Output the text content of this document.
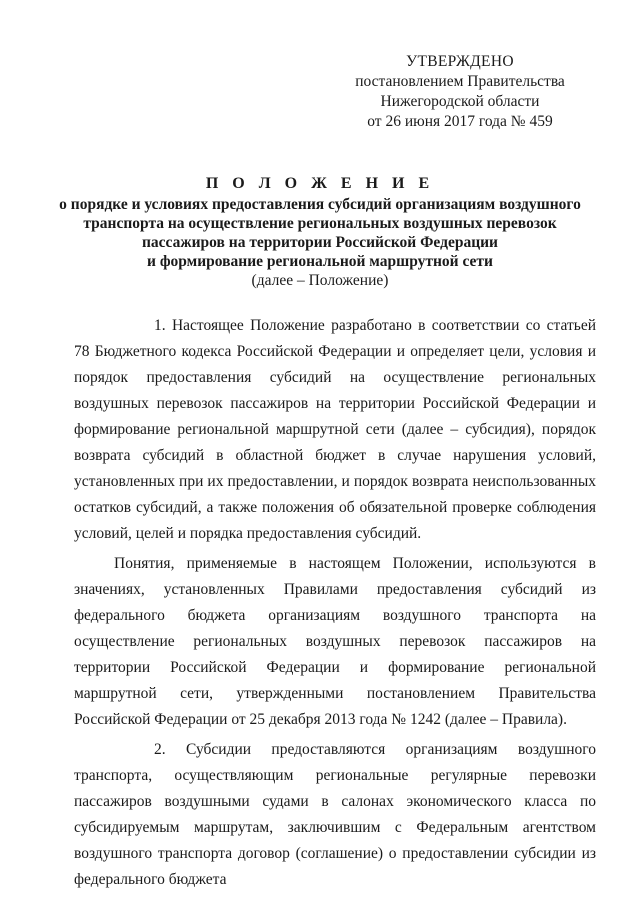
УТВЕРЖДЕНО
постановлением Правительства
Нижегородской области
от 26 июня 2017 года № 459
П О Л О Ж Е Н И Е
о порядке и условиях предоставления субсидий организациям воздушного
транспорта на осуществление региональных воздушных перевозок
пассажиров на территории Российской Федерации
и формирование региональной маршрутной сети
(далее – Положение)

1. Настоящее Положение разработано в соответствии со статьей 78 Бюджетного кодекса Российской Федерации и определяет цели, условия и порядок предоставления субсидий на осуществление региональных воздушных перевозок пассажиров на территории Российской Федерации и формирование региональной маршрутной сети (далее – субсидия), порядок возврата субсидий в областной бюджет в случае нарушения условий, установленных при их предоставлении, и порядок возврата неиспользованных остатков субсидий, а также положения об обязательной проверке соблюдения условий, целей и порядка предоставления субсидий.

Понятия, применяемые в настоящем Положении, используются в значениях, установленных Правилами предоставления субсидий из федерального бюджета организациям воздушного транспорта на осуществление региональных воздушных перевозок пассажиров на территории Российской Федерации и формирование региональной маршрутной сети, утвержденными постановлением Правительства Российской Федерации от 25 декабря 2013 года № 1242 (далее – Правила).

2. Субсидии предоставляются организациям воздушного транспорта, осуществляющим региональные регулярные перевозки пассажиров воздушными судами в салонах экономического класса по субсидируемым маршрутам, заключившим с Федеральным агентством воздушного транспорта договор (соглашение) о предоставлении субсидии из федерального бюджета
